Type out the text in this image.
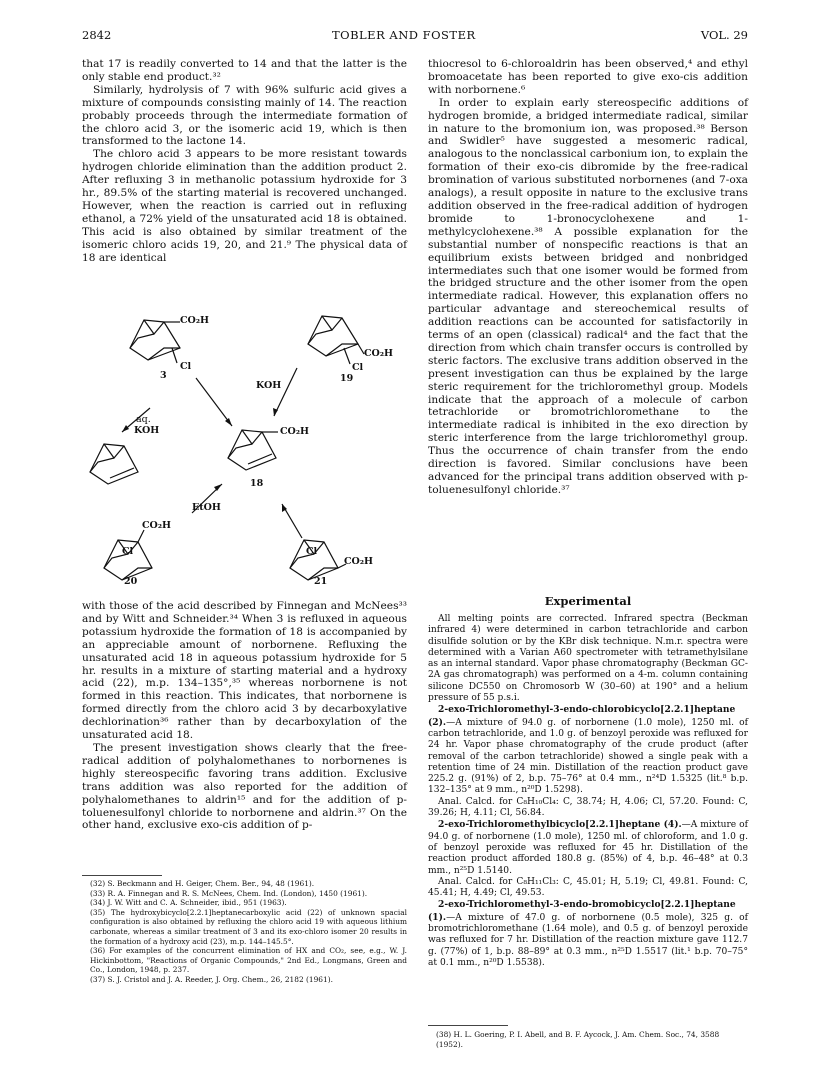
2842	TOBLER AND FOSTER	VOL. 29

that 17 is readily converted to 14 and that the latter is the only stable end product.³²

Similarly, hydrolysis of 7 with 96% sulfuric acid gives a mixture of compounds consisting mainly of 14. The reaction probably proceeds through the intermediate formation of the chloro acid 3, or the isomeric acid 19, which is then transformed to the lactone 14.

The chloro acid 3 appears to be more resistant towards hydrogen chloride elimination than the addition product 2. After refluxing 3 in methanolic potassium hydroxide for 3 hr., 89.5% of the starting material is recovered unchanged. However, when the reaction is carried out in refluxing ethanol, a 72% yield of the unsaturated acid 18 is obtained. This acid is also obtained by similar treatment of the isomeric chloro acids 19, 20, and 21.⁹ The physical data of 18 are identical

CO₂H
Cl
3
CO₂H
Cl
19
KOH
aq.
KOH	CO₂H
18
EtOH
CO₂H
Cl
20
Cl
CO₂H
21

with those of the acid described by Finnegan and McNees³³ and by Witt and Schneider.³⁴ When 3 is refluxed in aqueous potassium hydroxide the formation of 18 is accompanied by an appreciable amount of norbornene. Refluxing the unsaturated acid 18 in aqueous potassium hydroxide for 5 hr. results in a mixture of starting material and a hydroxy acid (22), m.p. 134–135°,³⁵ whereas norbornene is not formed in this reaction. This indicates, that norbornene is formed directly from the chloro acid 3 by decarboxylative dechlorination³⁶ rather than by decarboxylation of the unsaturated acid 18.

The present investigation shows clearly that the free-radical addition of polyhalomethanes to norbornenes is highly stereospecific favoring trans addition. Exclusive trans addition was also reported for the addition of polyhalomethanes to aldrin¹⁵ and for the addition of p-toluenesulfonyl chloride to norbornene and aldrin.³⁷ On the other hand, exclusive exo-cis addition of p-

(32) S. Beckmann and H. Geiger, Chem. Ber., 94, 48 (1961).

(33) R. A. Finnegan and R. S. McNees, Chem. Ind. (London), 1450 (1961).

(34) J. W. Witt and C. A. Schneider, ibid., 951 (1963).

(35) The hydroxybicyclo[2.2.1]heptanecarboxylic acid (22) of unknown spacial configuration is also obtained by refluxing the chloro acid 19 with aqueous lithium carbonate, whereas a similar treatment of 3 and its exo-chloro isomer 20 results in the formation of a hydroxy acid (23), m.p. 144–145.5°.

(36) For examples of the concurrent elimination of HX and CO₂, see, e.g., W. J. Hickinbottom, "Reactions of Organic Compounds," 2nd Ed., Longmans, Green and Co., London, 1948, p. 237.

(37) S. J. Cristol and J. A. Reeder, J. Org. Chem., 26, 2182 (1961).

thiocresol to 6-chloroaldrin has been observed,⁴ and ethyl bromoacetate has been reported to give exo-cis addition with norbornene.⁶

In order to explain early stereospecific additions of hydrogen bromide, a bridged intermediate radical, similar in nature to the bromonium ion, was proposed.³⁸ Berson and Swidler⁵ have suggested a mesomeric radical, analogous to the nonclassical carbonium ion, to explain the formation of their exo-cis dibromide by the free-radical bromination of various substituted norbornenes (and 7-oxa analogs), a result opposite in nature to the exclusive trans addition observed in the free-radical addition of hydrogen bromide to 1-bronocyclohexene and 1-methylcyclohexene.³⁸ A possible explanation for the substantial number of nonspecific reactions is that an equilibrium exists between bridged and nonbridged intermediates such that one isomer would be formed from the bridged structure and the other isomer from the open intermediate radical. However, this explanation offers no particular advantage and stereochemical results of addition reactions can be accounted for satisfactorily in terms of an open (classical) radical⁴ and the fact that the direction from which chain transfer occurs is controlled by steric factors. The exclusive trans addition observed in the present investigation can thus be explained by the large steric requirement for the trichloromethyl group. Models indicate that the approach of a molecule of carbon tetrachloride or bromotrichloromethane to the intermediate radical is inhibited in the exo direction by steric interference from the large trichloromethyl group. Thus the occurrence of chain transfer from the endo direction is favored. Similar conclusions have been advanced for the principal trans addition observed with p-toluenesulfonyl chloride.³⁷

Experimental

All melting points are corrected. Infrared spectra (Beckman infrared 4) were determined in carbon tetrachloride and carbon disulfide solution or by the KBr disk technique. N.m.r. spectra were determined with a Varian A60 spectrometer with tetramethylsilane as an internal standard. Vapor phase chromatography (Beckman GC-2A gas chromatograph) was performed on a 4-m. column containing silicone DC550 on Chromosorb W (30–60) at 190° and a helium pressure of 55 p.s.i.

2-exo-Trichloromethyl-3-endo-chlorobicyclo[2.2.1]heptane (2).—A mixture of 94.0 g. of norbornene (1.0 mole), 1250 ml. of carbon tetrachloride, and 1.0 g. of benzoyl peroxide was refluxed for 24 hr. Vapor phase chromatography of the crude product (after removal of the carbon tetrachloride) showed a single peak with a retention time of 24 min. Distillation of the reaction product gave 225.2 g. (91%) of 2, b.p. 75–76° at 0.4 mm., n²⁴D 1.5325 (lit.⁸ b.p. 132–135° at 9 mm., n²⁰D 1.5298).

Anal. Calcd. for C₈H₁₀Cl₄: C, 38.74; H, 4.06; Cl, 57.20. Found: C, 39.26; H, 4.11; Cl, 56.84.

2-exo-Trichloromethylbicyclo[2.2.1]heptane (4).—A mixture of 94.0 g. of norbornene (1.0 mole), 1250 ml. of chloroform, and 1.0 g. of benzoyl peroxide was refluxed for 45 hr. Distillation of the reaction product afforded 180.8 g. (85%) of 4, b.p. 46–48° at 0.3 mm., n²⁵D 1.5140.

Anal. Calcd. for C₈H₁₁Cl₃: C, 45.01; H, 5.19; Cl, 49.81. Found: C, 45.41; H, 4.49; Cl, 49.53.

2-exo-Trichloromethyl-3-endo-bromobicyclo[2.2.1]heptane (1).—A mixture of 47.0 g. of norbornene (0.5 mole), 325 g. of bromotrichloromethane (1.64 mole), and 0.5 g. of benzoyl peroxide was refluxed for 7 hr. Distillation of the reaction mixture gave 112.7 g. (77%) of 1, b.p. 88–89° at 0.3 mm., n²⁵D 1.5517 (lit.¹ b.p. 70–75° at 0.1 mm., n²⁰D 1.5538).

(38) H. L. Goering, P. I. Abell, and B. F. Aycock, J. Am. Chem. Soc., 74, 3588 (1952).
